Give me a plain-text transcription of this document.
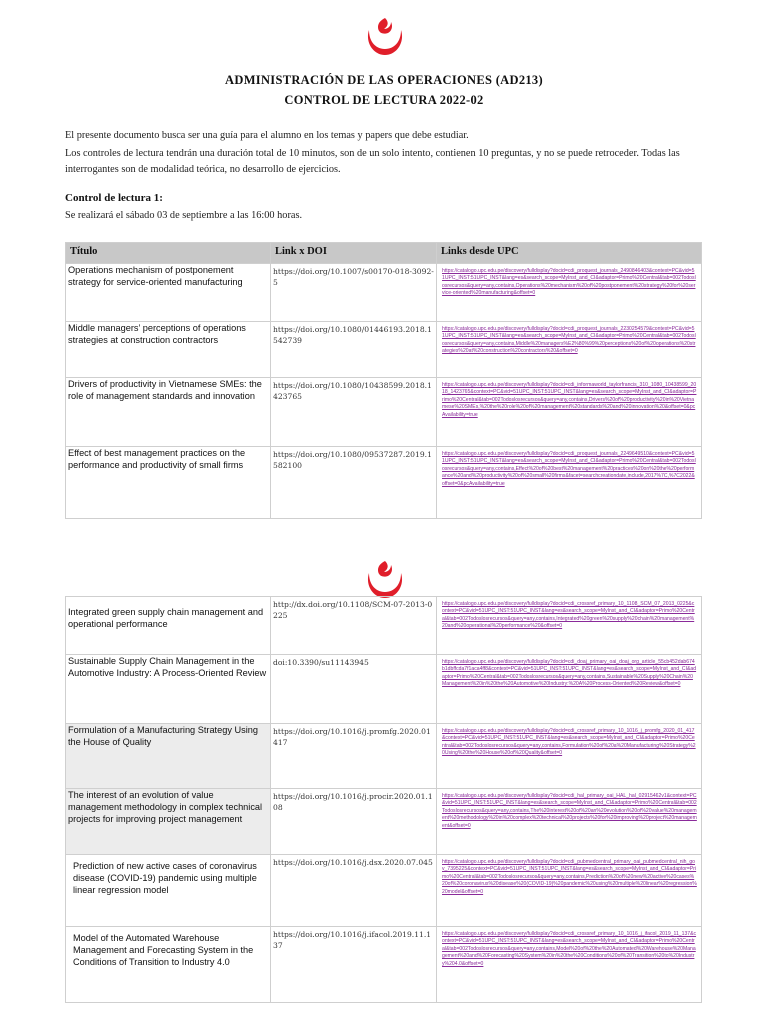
ADMINISTRACIÓN DE LAS OPERACIONES (AD213)
CONTROL DE LECTURA 2022-02
El presente documento busca ser una guía para el alumno en los temas y papers que debe estudiar.
Los controles de lectura tendrán una duración total de 10 minutos, son de un solo intento, contienen 10 preguntas, y no se puede retroceder. Todas las interrogantes son de modalidad teórica, no desarrollo de ejercicios.
Control de lectura 1:
Se realizará el sábado 03 de septiembre a las 16:00 horas.
Título	Link x DOI	Links desde UPC
Operations mechanism of postponement strategy for service-oriented manufacturing	https://doi.org/10.1007/s00170-018-3092-5	https://catalogo.upc.edu.pe/discovery/fulldisplay?docid=cdi_proquest_journals_2490846403&context=PC&vid=51UPC_INST:51UPC_INST&lang=es&search_scope=MyInst_and_CI&adaptor=Primo%20Central&tab=002Todoslosrecursos&query=any,contains,Operations%20mechanism%20of%20postponement%20strategy%20for%20service-oriented%20manufacturing&offset=0

Middle managers’ perceptions of operations strategies at construction contractors	https://doi.org/10.1080/01446193.2018.1542739	https://catalogo.upc.edu.pe/discovery/fulldisplay?docid=cdi_proquest_journals_2230254579&context=PC&vid=51UPC_INST:51UPC_INST&lang=es&search_scope=MyInst_and_CI&adaptor=Primo%20Central&tab=002Todoslosrecursos&query=any,contains,Middle%20managers%E2%80%99%20perceptions%20of%20operations%20strategies%20at%20construction%20contractors%20&offset=0

Drivers of productivity in Vietnamese SMEs: the role of management standards and innovation	https://doi.org/10.1080/10438599.2018.1423765	https://catalogo.upc.edu.pe/discovery/fulldisplay?docid=cdi_informaworld_taylorfrancis_310_1080_10438599_2018_1423765&context=PC&vid=51UPC_INST:51UPC_INST&lang=es&search_scope=MyInst_and_CI&adaptor=Primo%20Central&tab=002Todoslosrecursos&query=any,contains,Drivers%20of%20productivity%20in%20Vietnamese%20SMEs,%20the%20role%20of%20management%20standards%20and%20innovation%20&offset=0&pcAvailability=true

Effect of best management practices on the performance and productivity of small firms	https://doi.org/10.1080/09537287.2019.1582100	https://catalogo.upc.edu.pe/discovery/fulldisplay?docid=cdi_proquest_journals_2249649510&context=PC&vid=51UPC_INST:51UPC_INST&lang=es&search_scope=MyInst_and_CI&adaptor=Primo%20Central&tab=002Todoslosrecursos&query=any,contains,Effect%20of%20best%20management%20practices%20on%20the%20performance%20and%20productivity%20of%20small%20firms&facet=searchcreationdate,include,2017%7C,%7C2022&offset=0&pcAvailability=true
Integrated green supply chain management and operational performance	http://dx.doi.org/10.1108/SCM-07-2013-0225	https://catalogo.upc.edu.pe/discovery/fulldisplay?docid=cdi_crossref_primary_10_1108_SCM_07_2013_0225&context=PC&vid=51UPC_INST:51UPC_INST&lang=es&search_scope=MyInst_and_CI&adaptor=Primo%20Central&tab=002Todoslosrecursos&query=any,contains,Integrated%20green%20supply%20chain%20management%20and%20operational%20performance%20&offset=0

Sustainable Supply Chain Management in the Automotive Industry: A Process-Oriented Review	doi:10.3390/su11143945	https://catalogo.upc.edu.pe/discovery/fulldisplay?docid=cdi_doaj_primary_oai_doaj_org_article_55cb452dab674b1dbffcda7f1aca4ff8&context=PC&vid=51UPC_INST:51UPC_INST&lang=es&search_scope=MyInst_and_CI&adaptor=Primo%20Central&tab=002Todoslosrecursos&query=any,contains,Sustainable%20Supply%20Chain%20Management%20in%20the%20Automotive%20Industry:%20A%20Process-Oriented%20Review&offset=0

Formulation of a Manufacturing Strategy Using the House of Quality	https://doi.org/10.1016/j.promfg.2020.01417	https://catalogo.upc.edu.pe/discovery/fulldisplay?docid=cdi_crossref_primary_10_1016_j_promfg_2020_01_417&context=PC&vid=51UPC_INST:51UPC_INST&lang=es&search_scope=MyInst_and_CI&adaptor=Primo%20Central&tab=002Todoslosrecursos&query=any,contains,Formulation%20of%20a%20Manufacturing%20Strategy%20Using%20the%20House%20of%20Quality&offset=0

The interest of an evolution of value management methodology in complex technical projects for improving project management	https://doi.org/10.1016/j.procir.2020.01.108	https://catalogo.upc.edu.pe/discovery/fulldisplay?docid=cdi_hal_primary_oai_HAL_hal_02915462v1&context=PC&vid=51UPC_INST:51UPC_INST&lang=es&search_scope=MyInst_and_CI&adaptor=Primo%20Central&tab=002Todoslosrecursos&query=any,contains,The%20interest%20of%20an%20evolution%20of%20value%20management%20methodology%20in%20complex%20technical%20projects%20for%20improving%20project%20management&offset=0

Prediction of new active cases of coronavirus disease (COVID-19) pandemic using multiple linear regression model	https://doi.org/10.1016/j.dsx.2020.07.045	https://catalogo.upc.edu.pe/discovery/fulldisplay?docid=cdi_pubmedcentral_primary_oai_pubmedcentral_nih_gov_7395225&context=PC&vid=51UPC_INST:51UPC_INST&lang=es&search_scope=MyInst_and_CI&adaptor=Primo%20Central&tab=002Todoslosrecursos&query=any,contains,Prediction%20of%20new%20active%20cases%20of%20coronavirus%20disease%20(COVID-19)%20pandemic%20using%20multiple%20linear%20regression%20model&offset=0

Model of the Automated Warehouse Management and Forecasting System in the Conditions of Transition to Industry 4.0	https://doi.org/10.1016/j.ifacol.2019.11.137	https://catalogo.upc.edu.pe/discovery/fulldisplay?docid=cdi_crossref_primary_10_1016_j_ifacol_2019_11_137&context=PC&vid=51UPC_INST:51UPC_INST&lang=es&search_scope=MyInst_and_CI&adaptor=Primo%20Central&tab=002Todoslosrecursos&query=any,contains,Model%20of%20the%20Automated%20Warehouse%20Management%20and%20Forecasting%20System%20in%20the%20Conditions%20of%20Transition%20to%20Industry%204.0&offset=0
